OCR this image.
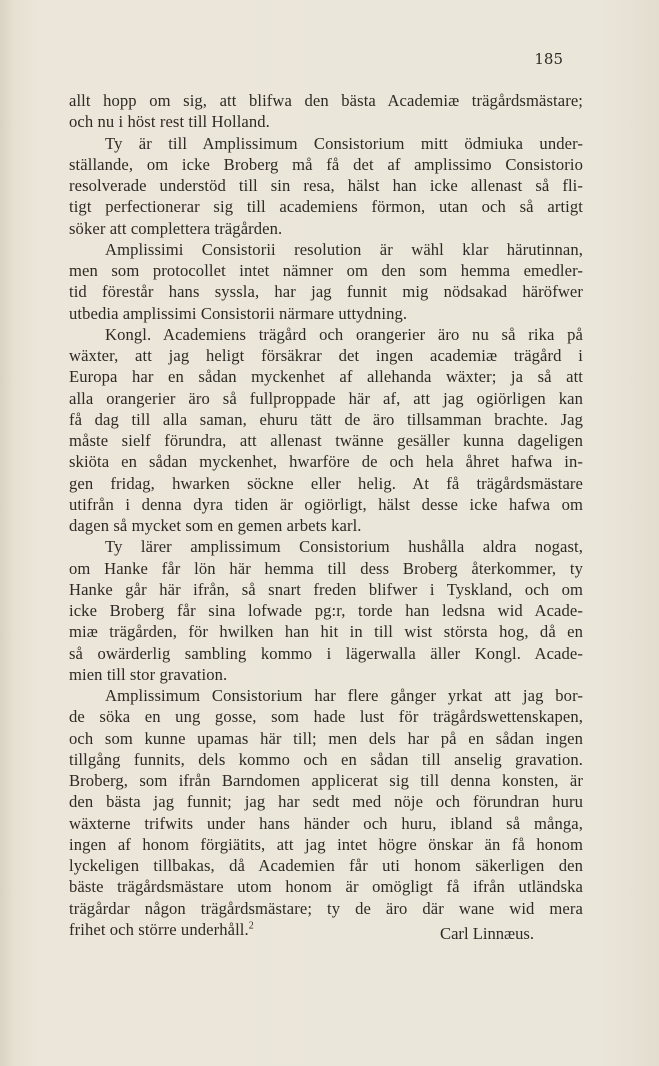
185
allt hopp om sig, att blifwa den bästa Academiæ trägårdsmästare;
och nu i höst rest till Holland.
Ty är till Amplissimum Consistorium mitt ödmiuka under-
ställande, om icke Broberg må få det af amplissimo Consistorio
resolverade understöd till sin resa, hälst han icke allenast så fli-
tigt perfectionerar sig till academiens förmon, utan och så artigt
söker att complettera trägården.
Amplissimi Consistorii resolution är wähl klar härutinnan,
men som protocollet intet nämner om den som hemma emedler-
tid förestår hans syssla, har jag funnit mig nödsakad häröfwer
utbedia amplissimi Consistorii närmare uttydning.
Kongl. Academiens trägård och orangerier äro nu så rika på
wäxter, att jag heligt försäkrar det ingen academiæ trägård i
Europa har en sådan myckenhet af allehanda wäxter; ja så att
alla orangerier äro så fullproppade här af, att jag ogiörligen kan
få dag till alla saman, ehuru tätt de äro tillsamman brachte. Jag
måste sielf förundra, att allenast twänne gesäller kunna dageligen
skiöta en sådan myckenhet, hwarföre de och hela åhret hafwa in-
gen fridag, hwarken söckne eller helig. At få trägårdsmästare
utifrån i denna dyra tiden är ogiörligt, hälst desse icke hafwa om
dagen så mycket som en gemen arbets karl.
Ty lärer amplissimum Consistorium hushålla aldra nogast,
om Hanke får lön här hemma till dess Broberg återkommer, ty
Hanke går här ifrån, så snart freden blifwer i Tyskland, och om
icke Broberg får sina lofwade pg:r, torde han ledsna wid Acade-
miæ trägården, för hwilken han hit in till wist största hog, då en
så owärderlig sambling kommo i lägerwalla äller Kongl. Acade-
mien till stor gravation.
Amplissimum Consistorium har flere gånger yrkat att jag bor-
de söka en ung gosse, som hade lust för trägårdswettenskapen,
och som kunne upamas här till; men dels har på en sådan ingen
tillgång funnits, dels kommo och en sådan till anselig gravation.
Broberg, som ifrån Barndomen applicerat sig till denna konsten, är
den bästa jag funnit; jag har sedt med nöje och förundran huru
wäxterne trifwits under hans händer och huru, ibland så många,
ingen af honom förgiätits, att jag intet högre önskar än få honom
lyckeligen tillbakas, då Academien får uti honom säkerligen den
bäste trägårdsmästare utom honom är omögligt få ifrån utländska
trägårdar någon trägårdsmästare; ty de äro där wane wid mera
frihet och större underhåll.$^2$	Carl Linnæus.
